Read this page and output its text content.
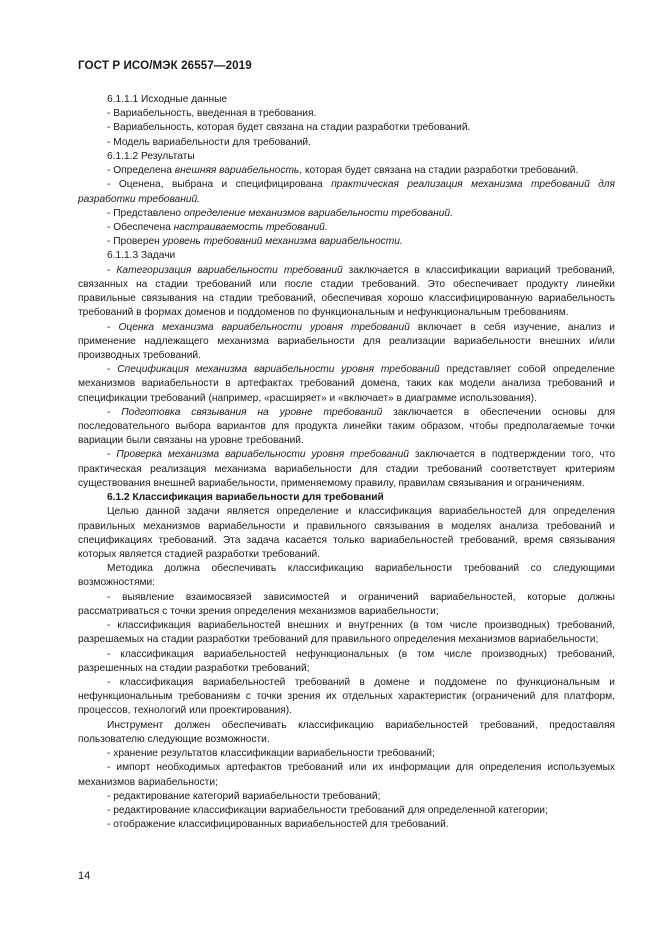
ГОСТ Р ИСО/МЭК 26557—2019

6.1.1.1 Исходные данные

- Вариабельность, введенная в требования.

- Вариабельность, которая будет связана на стадии разработки требований.

- Модель вариабельности для требований.

6.1.1.2 Результаты

- Определена внешняя вариабельность, которая будет связана на стадии разработки требований.

- Оценена, выбрана и специфицирована практическая реализация механизма требований для разработки требований.

- Представлено определение механизмов вариабельности требований.

- Обеспечена настраиваемость требований.

- Проверен уровень требований механизма вариабельности.

6.1.1.3 Задачи

- Категоризация вариабельности требований заключается в классификации вариаций требований, связанных на стадии требований или после стадии требований. Это обеспечивает продукту линейки правильные связывания на стадии требований, обеспечивая хорошо классифицированную вариабельность требований в формах доменов и поддоменов по функциональным и нефункциональным требованиям.

- Оценка механизма вариабельности уровня требований включает в себя изучение, анализ и применение надлежащего механизма вариабельности для реализации вариабельности внешних и/или производных требований.

- Спецификация механизма вариабельности уровня требований представляет собой определение механизмов вариабельности в артефактах требований домена, таких как модели анализа требований и спецификации требований (например, «расширяет» и «включает» в диаграмме использования).

- Подготовка связывания на уровне требований заключается в обеспечении основы для последовательного выбора вариантов для продукта линейки таким образом, чтобы предполагаемые точки вариации были связаны на уровне требований.

- Проверка механизма вариабельности уровня требований заключается в подтверждении того, что практическая реализация механизма вариабельности для стадии требований соответствует критериям существования внешней вариабельности, применяемому правилу, правилам связывания и ограничениям.

6.1.2 Классификация вариабельности для требований

Целью данной задачи является определение и классификация вариабельностей для определения правильных механизмов вариабельности и правильного связывания в моделях анализа требований и спецификациях требований. Эта задача касается только вариабельностей требований, время связывания которых является стадией разработки требований.

Методика должна обеспечивать классификацию вариабельности требований со следующими возможностями:

- выявление взаимосвязей зависимостей и ограничений вариабельностей, которые должны рассматриваться с точки зрения определения механизмов вариабельности;

- классификация вариабельностей внешних и внутренних (в том числе производных) требований, разрешаемых на стадии разработки требований для правильного определения механизмов вариабельности;

- классификация вариабельностей нефункциональных (в том числе производных) требований, разрешенных на стадии разработки требований;

- классификация вариабельностей требований в домене и поддомене по функциональным и нефункциональным требованиям с точки зрения их отдельных характеристик (ограничений для платформ, процессов, технологий или проектирования).

Инструмент должен обеспечивать классификацию вариабельностей требований, предоставляя пользователю следующие возможности.

- хранение результатов классификации вариабельности требований;

- импорт необходимых артефактов требований или их информации для определения используемых механизмов вариабельности;

- редактирование категорий вариабельности требований;

- редактирование классификации вариабельности требований для определенной категории;

- отображение классифицированных вариабельностей для требований.

14
